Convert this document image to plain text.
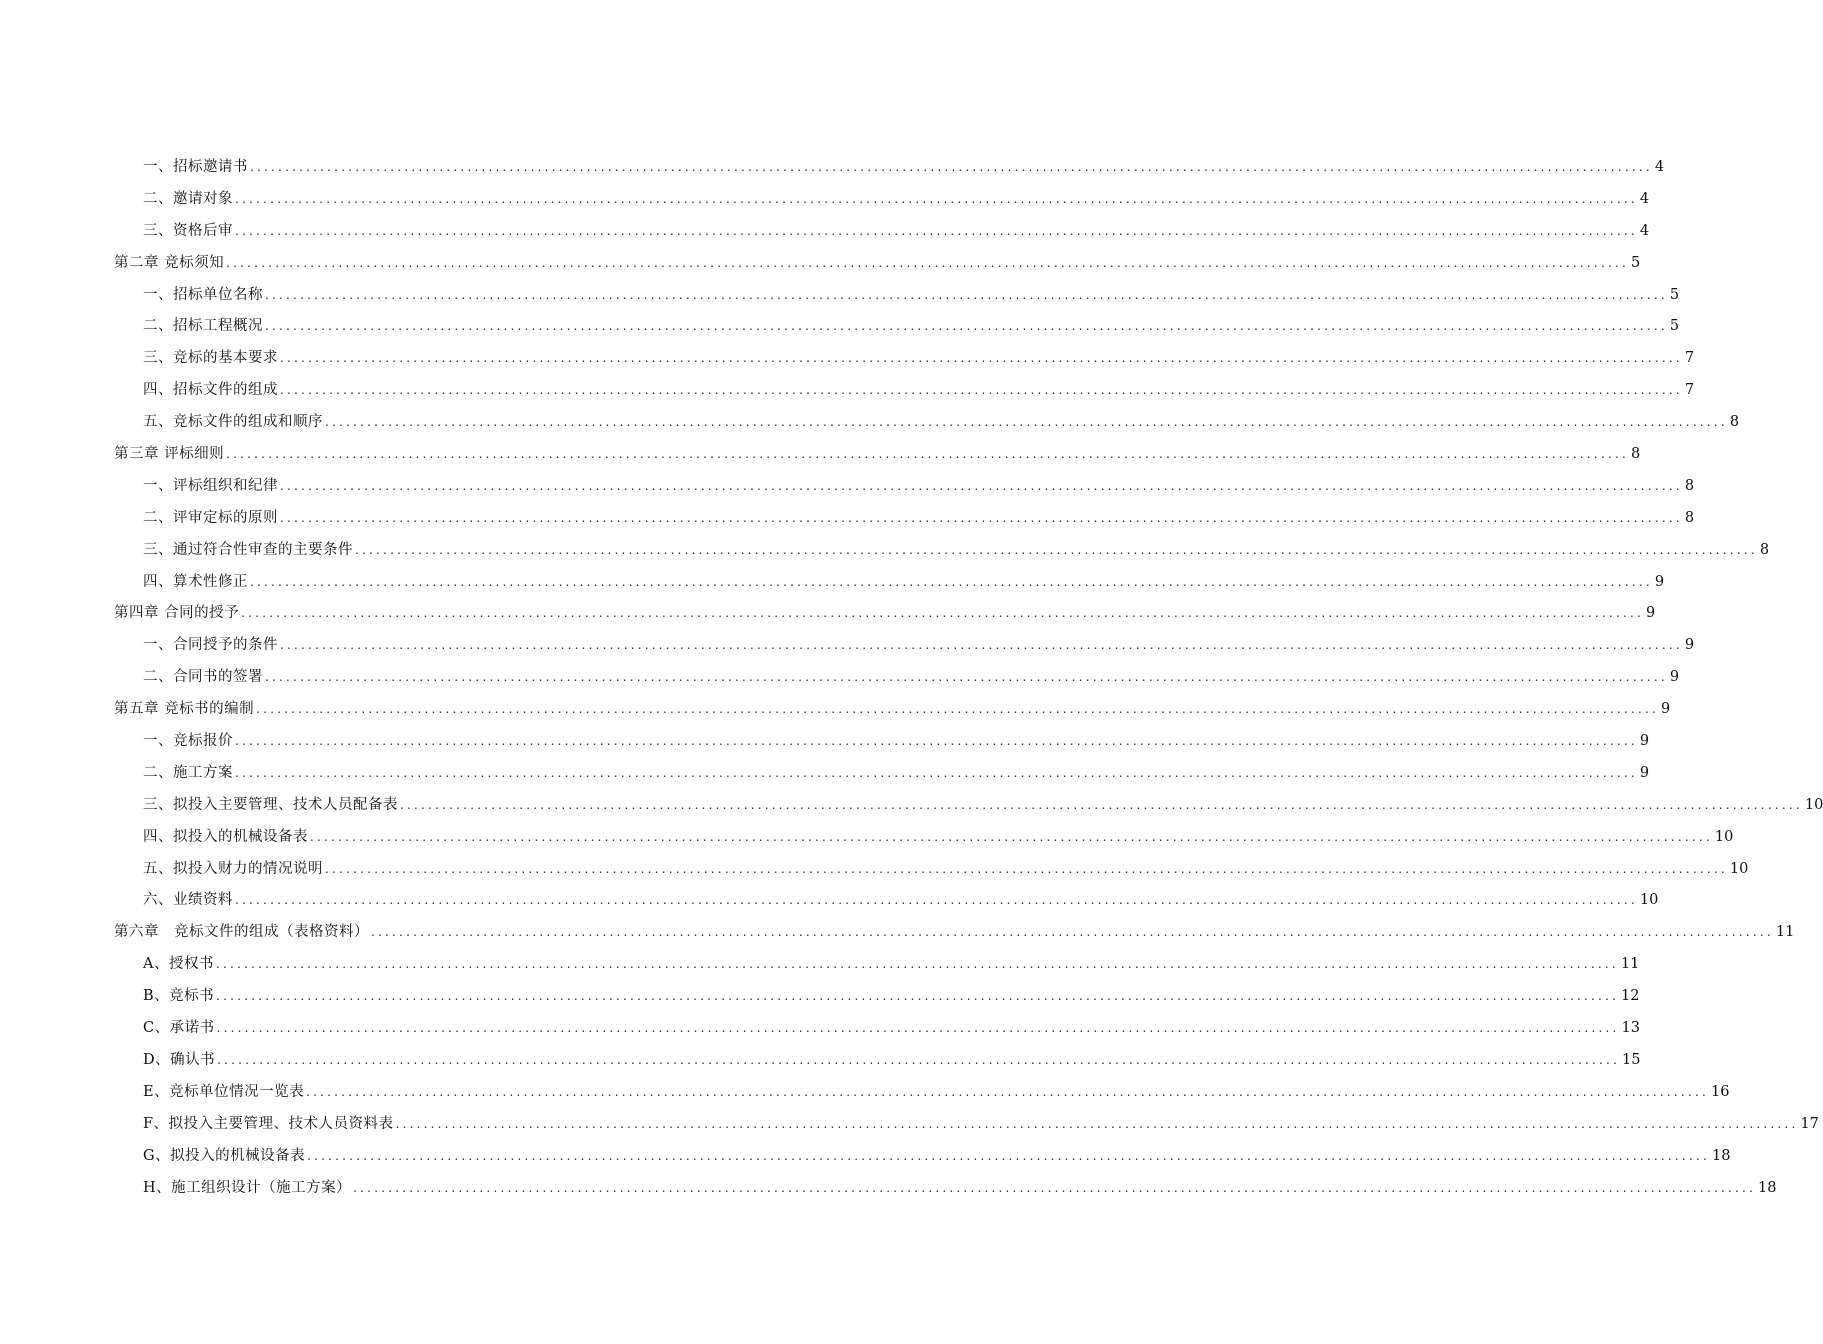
一、招标邀请书 ........................................................................................................................................................................................................ 4
二、邀请对象 ........................................................................................................................................................................................................ 4
三、资格后审 ........................................................................................................................................................................................................ 4
第二章 竞标须知 ........................................................................................................................................................................................................ 5
一、招标单位名称 ........................................................................................................................................................................................................ 5
二、招标工程概况 ........................................................................................................................................................................................................ 5
三、竞标的基本要求 ........................................................................................................................................................................................................ 7
四、招标文件的组成 ........................................................................................................................................................................................................ 7
五、竞标文件的组成和顺序 ........................................................................................................................................................................................................ 8
第三章 评标细则 ........................................................................................................................................................................................................ 8
一、评标组织和纪律 ........................................................................................................................................................................................................ 8
二、评审定标的原则 ........................................................................................................................................................................................................ 8
三、通过符合性审查的主要条件 ........................................................................................................................................................................................................ 8
四、算术性修正 ........................................................................................................................................................................................................ 9
第四章 合同的授予 ........................................................................................................................................................................................................ 9
一、合同授予的条件 ........................................................................................................................................................................................................ 9
二、合同书的签署 ........................................................................................................................................................................................................ 9
第五章 竞标书的编制 ........................................................................................................................................................................................................ 9
一、竞标报价 ........................................................................................................................................................................................................ 9
二、施工方案 ........................................................................................................................................................................................................ 9
三、拟投入主要管理、技术人员配备表 ........................................................................................................................................................................................................ 10
四、拟投入的机械设备表 ........................................................................................................................................................................................................ 10
五、拟投入财力的情况说明 ........................................................................................................................................................................................................ 10
六、业绩资料 ........................................................................................................................................................................................................ 10
第六章　竞标文件的组成（表格资料） ........................................................................................................................................................................................................ 11
A、授权书 ........................................................................................................................................................................................................ 11
B、竞标书 ........................................................................................................................................................................................................ 12
C、承诺书 ........................................................................................................................................................................................................ 13
D、确认书 ........................................................................................................................................................................................................ 15
E、竞标单位情况一览表 ........................................................................................................................................................................................................ 16
F、拟投入主要管理、技术人员资料表 ........................................................................................................................................................................................................ 17
G、拟投入的机械设备表 ........................................................................................................................................................................................................ 18
H、施工组织设计（施工方案） ........................................................................................................................................................................................................ 18
